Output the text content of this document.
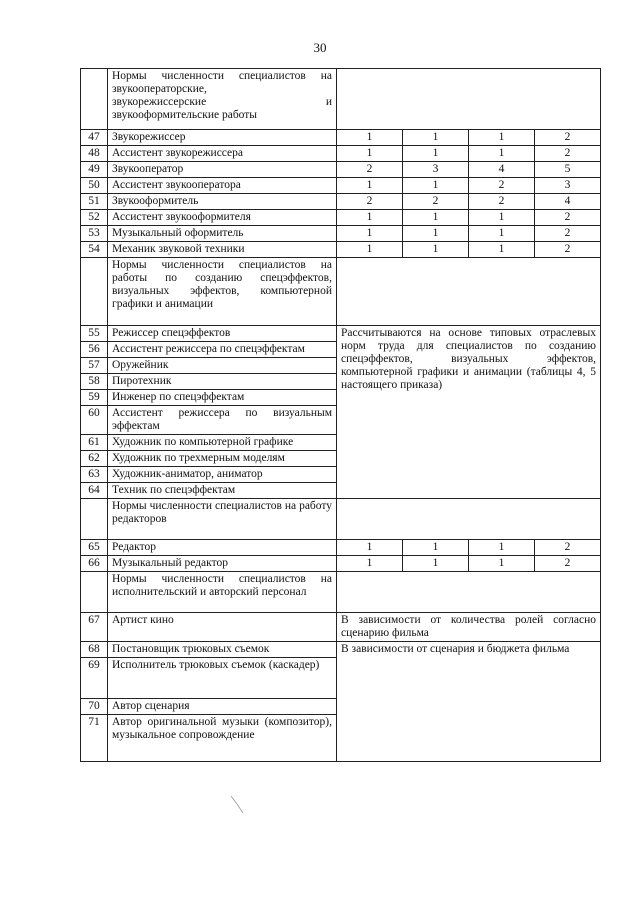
30

	Нормы численности специалистов на
звукооператорские,
звукорежиссерские и
звукооформительские работы				

47	Звукорежиссер	1	1	1	2
48	Ассистент звукорежиссера	1	1	1	2
49	Звукооператор	2	3	4	5
50	Ассистент звукооператора	1	1	2	3
51	Звукооформитель	2	2	2	4
52	Ассистент звукооформителя	1	1	1	2
53	Музыкальный оформитель	1	1	1	2
54	Механик звуковой техники	1	1	1	2
	Нормы численности специалистов на работы по созданию спецэффектов, визуальных эффектов, компьютерной графики и анимации				
55	Режиссер спецэффектов	Рассчитываются на основе типовых отраслевых норм труда для специалистов по созданию спецэффектов, визуальных эффектов, компьютерной графики и анимации (таблицы 4, 5 настоящего приказа)			
56	Ассистент режиссера по спецэффектам				
57	Оружейник				
58	Пиротехник				
59	Инженер по спецэффектам				
60	Ассистент режиссера по визуальным эффектам				
61	Художник по компьютерной графике				
62	Художник по трехмерным моделям				
63	Художник-аниматор, аниматор				
64	Техник по спецэффектам				
	Нормы численности специалистов на работу редакторов				
65	Редактор	1	1	1	2
66	Музыкальный редактор	1	1	1	2
	Нормы численности специалистов на исполнительский и авторский персонал				
67	Артист кино	В зависимости от количества ролей согласно сценарию фильма			
68	Постановщик трюковых съемок	В зависимости от сценария и бюджета фильма			
69	Исполнитель трюковых съемок (каскадер)				
70	Автор сценария				
71	Автор оригинальной музыки (композитор), музыкальное сопровождение				
